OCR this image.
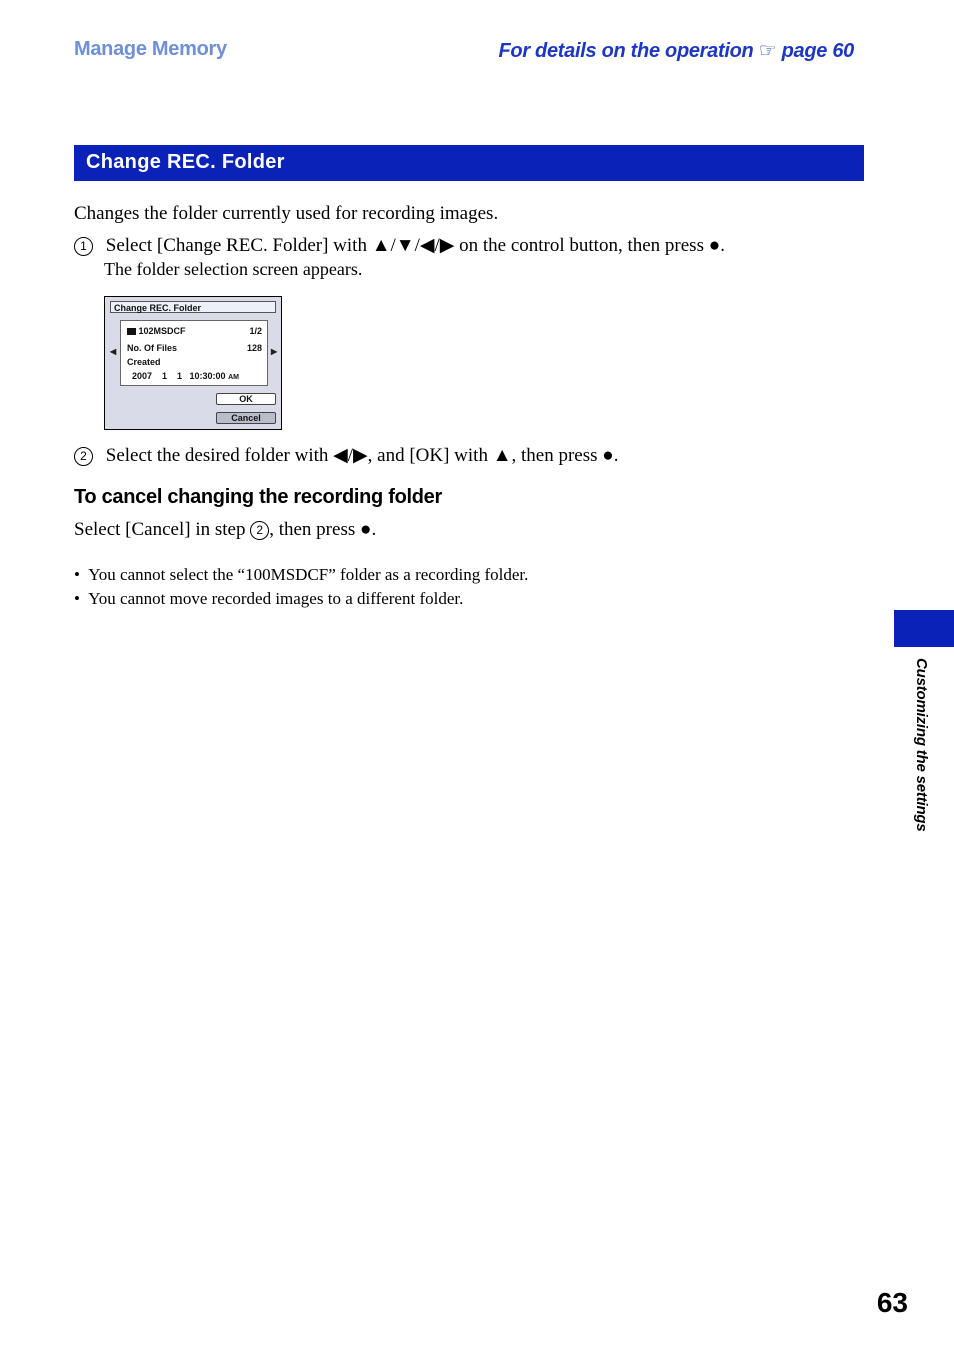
Manage Memory	For details on the operation ☞ page 60
Change REC. Folder
Changes the folder currently used for recording images.
1 Select [Change REC. Folder] with ▲/▼/◀/▶ on the control button, then press ●.
The folder selection screen appears.
Change REC. Folder
◀	▶
102MSDCF	1/2
No. Of Files	128
Created
2007    1    1   10:30:00 AM
OK
Cancel
2 Select the desired folder with ◀/▶, and [OK] with ▲, then press ●.
To cancel changing the recording folder
Select [Cancel] in step 2 , then press ●.
• You cannot select the “100MSDCF” folder as a recording folder.
• You cannot move recorded images to a different folder.
Customizing the settings
63
